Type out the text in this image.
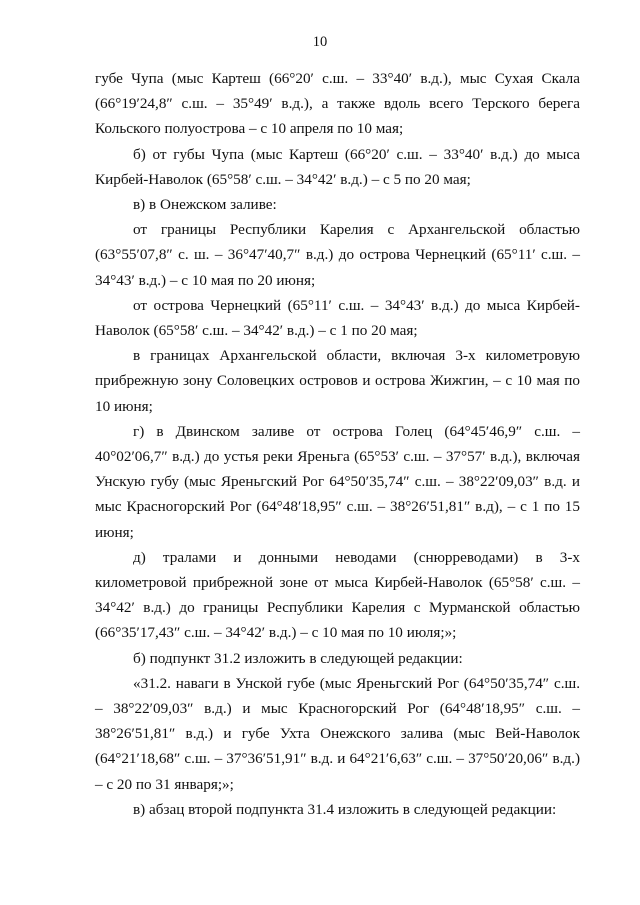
10

губе Чупа (мыс Картеш (66°20′ с.ш. – 33°40′ в.д.), мыс Сухая Скала (66°19′24,8″ с.ш. – 35°49′ в.д.), а также вдоль всего Терского берега Кольского полуострова – с 10 апреля по 10 мая;

б) от губы Чупа (мыс Картеш (66°20′ с.ш. – 33°40′ в.д.) до мыса Кирбей-Наволок (65°58′ с.ш. – 34°42′ в.д.) – с 5 по 20 мая;

в) в Онежском заливе:

от границы Республики Карелия с Архангельской областью (63°55′07,8″ с. ш. – 36°47′40,7″ в.д.) до острова Чернецкий (65°11′ с.ш. – 34°43′ в.д.) – с 10 мая по 20 июня;

от острова Чернецкий (65°11′ с.ш. – 34°43′ в.д.) до мыса Кирбей-Наволок (65°58′ с.ш. – 34°42′ в.д.) – с 1 по 20 мая;

в границах Архангельской области, включая 3-х километровую прибрежную зону Соловецких островов и острова Жижгин, – с 10 мая по 10 июня;

г) в Двинском заливе от острова Голец (64°45′46,9″ с.ш. – 40°02′06,7″ в.д.) до устья реки Яреньга (65°53′ с.ш. – 37°57′ в.д.), включая Унскую губу (мыс Яреньгский Рог 64°50′35,74″ с.ш. – 38°22′09,03″ в.д. и мыс Красногорский Рог (64°48′18,95″ с.ш. – 38°26′51,81″ в.д), – с 1 по 15 июня;

д) тралами и донными неводами (снюрреводами) в 3-х километровой прибрежной зоне от мыса Кирбей-Наволок (65°58′ с.ш. – 34°42′ в.д.) до границы Республики Карелия с Мурманской областью (66°35′17,43″ с.ш. – 34°42′ в.д.) – с 10 мая по 10 июля;»;

б) подпункт 31.2 изложить в следующей редакции:

«31.2. наваги в Унской губе (мыс Яреньгский Рог (64°50′35,74″ с.ш. – 38°22′09,03″ в.д.) и мыс Красногорский Рог (64°48′18,95″ с.ш. – 38°26′51,81″ в.д.) и губе Ухта Онежского залива (мыс Вей-Наволок (64°21′18,68″ с.ш. – 37°36′51,91″ в.д. и 64°21′6,63″ с.ш. – 37°50′20,06″ в.д.) – с 20 по 31 января;»;

в) абзац второй подпункта 31.4 изложить в следующей редакции:
